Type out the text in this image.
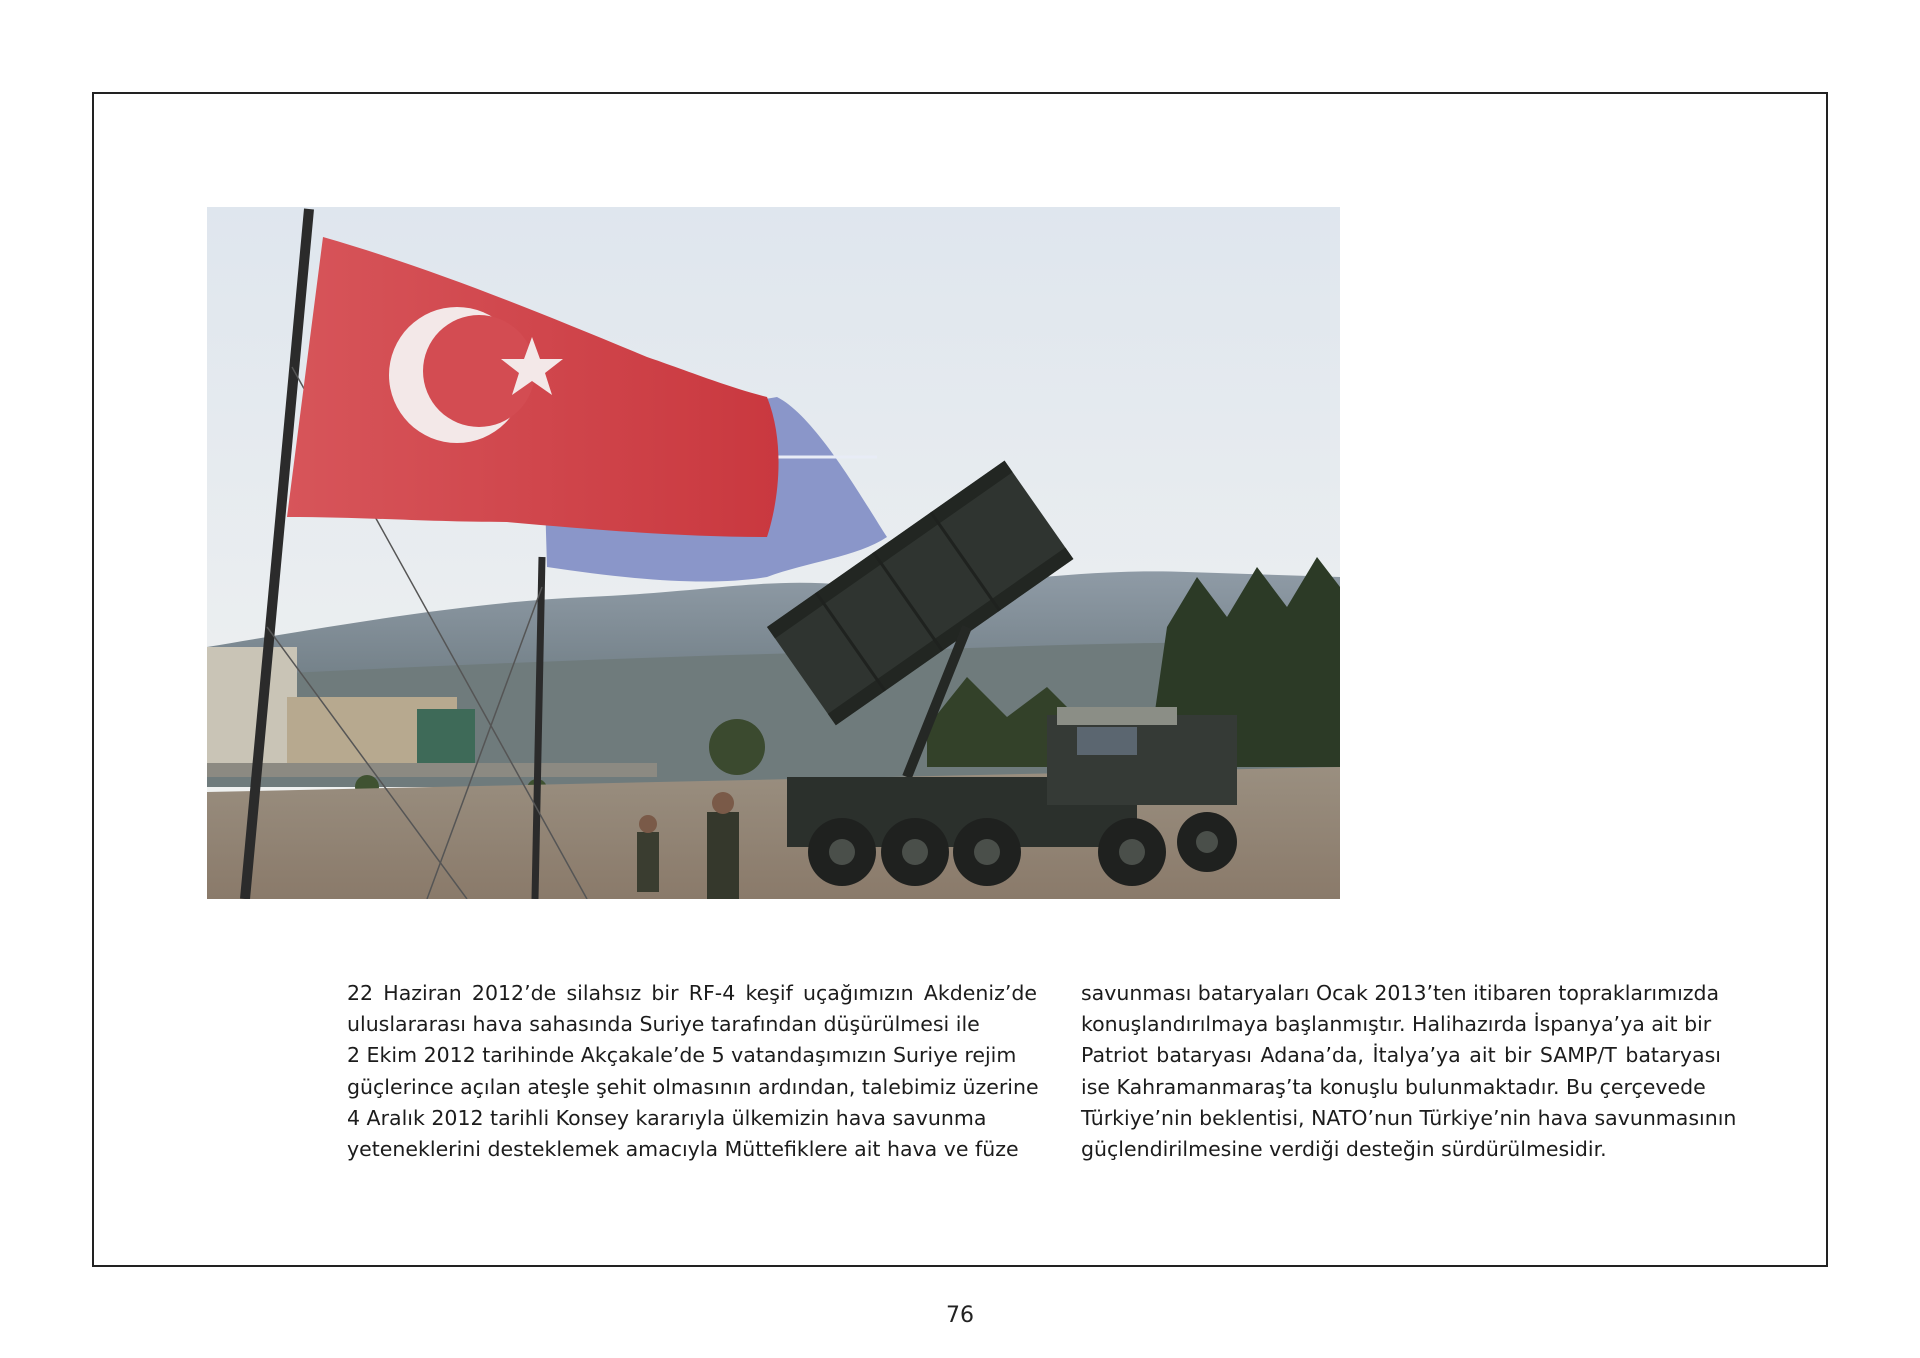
22 Haziran 2012’de silahsız bir RF-4 keşif uçağımızın Akdeniz’de
uluslararası hava sahasında Suriye tarafından düşürülmesi ile
2 Ekim 2012 tarihinde Akçakale’de 5 vatandaşımızın Suriye rejim
güçlerince açılan ateşle şehit olmasının ardından, talebimiz üzerine
4 Aralık 2012 tarihli Konsey kararıyla ülkemizin hava savunma
yeteneklerini desteklemek amacıyla Müttefiklere ait hava ve füze
savunması bataryaları Ocak 2013’ten itibaren topraklarımızda
konuşlandırılmaya başlanmıştır. Halihazırda İspanya’ya ait bir
Patriot bataryası Adana’da, İtalya’ya ait bir SAMP/T bataryası
ise Kahramanmaraş’ta konuşlu bulunmaktadır. Bu çerçevede
Türkiye’nin beklentisi, NATO’nun Türkiye’nin hava savunmasının
güçlendirilmesine verdiği desteğin sürdürülmesidir.
76
